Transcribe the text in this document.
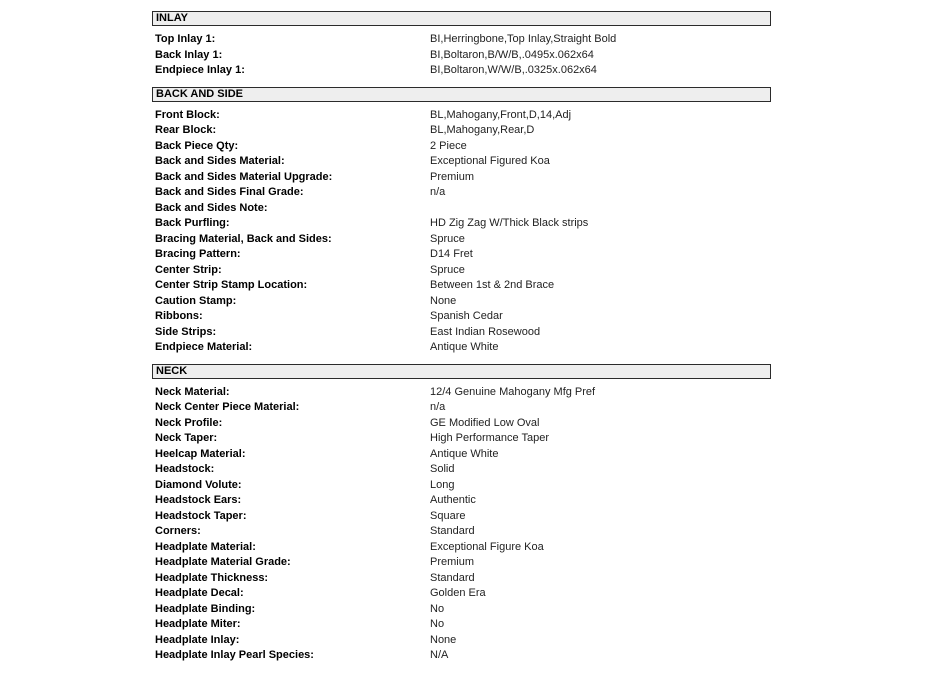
INLAY
Top Inlay 1:	BI,Herringbone,Top Inlay,Straight Bold
Back Inlay 1:	BI,Boltaron,B/W/B,.0495x.062x64
Endpiece Inlay 1:	BI,Boltaron,W/W/B,.0325x.062x64
BACK AND SIDE
Front Block:	BL,Mahogany,Front,D,14,Adj
Rear Block:	BL,Mahogany,Rear,D
Back Piece Qty:	2 Piece
Back and Sides Material:	Exceptional Figured Koa
Back and Sides Material Upgrade:	Premium
Back and Sides Final Grade:	n/a
Back and Sides Note:
Back Purfling:	HD Zig Zag W/Thick Black strips
Bracing Material, Back and Sides:	Spruce
Bracing Pattern:	D14 Fret
Center Strip:	Spruce
Center Strip Stamp Location:	Between 1st & 2nd Brace
Caution Stamp:	None
Ribbons:	Spanish Cedar
Side Strips:	East Indian Rosewood
Endpiece Material:	Antique White
NECK
Neck Material:	12/4 Genuine Mahogany Mfg Pref
Neck Center Piece Material:	n/a
Neck Profile:	GE Modified Low Oval
Neck Taper:	High Performance Taper
Heelcap Material:	Antique White
Headstock:	Solid
Diamond Volute:	Long
Headstock Ears:	Authentic
Headstock Taper:	Square
Corners:	Standard
Headplate Material:	Exceptional Figure Koa
Headplate Material Grade:	Premium
Headplate Thickness:	Standard
Headplate Decal:	Golden Era
Headplate Binding:	No
Headplate Miter:	No
Headplate Inlay:	None
Headplate Inlay Pearl Species:	N/A
